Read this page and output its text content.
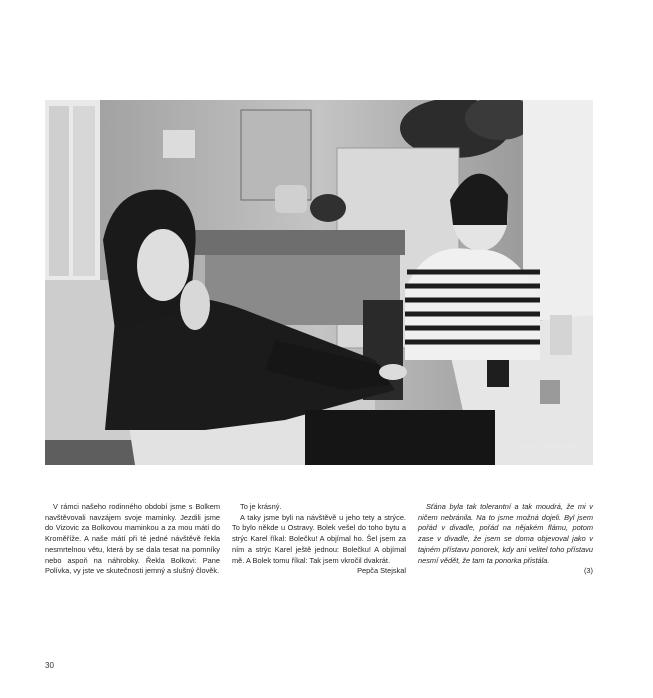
foto: Juraj Bartoš

V rámci našeho rodinného období jsme s Bolkem navštěvovali navzájem svoje maminky. Jezdili jsme do Vizovic za Bolkovou maminkou a za mou mátí do Kroměříže. A naše mátí při té jedné návštěvě řekla nesmrtelnou větu, která by se dala tesat na pomníky nebo aspoň na náhrobky. Řekla Bolkovi: Pane Polívka, vy jste ve skutečnosti jemný a slušný člověk.

To je krásný.

A taky jsme byli na návštěvě u jeho tety a strýce. To bylo někde u Ostravy. Bolek vešel do toho bytu a strýc Karel říkal: Bolečku! A objímal ho. Šel jsem za ním a strýc Karel ještě jednou: Bolečku! A objímal mě. A Bolek tomu říkal: Tak jsem vkročil dvakrát.

Pepča Stejskal

Sťána byla tak tolerantní a tak moudrá, že mi v ničem nebránila. Na to jsme možná dojeli. Byl jsem pořád v divadle, pořád na nějakém flámu, potom zase v divadle, že jsem se doma objevoval jako v tajném přístavu ponorek, kdy ani velitel toho přístavu nesmí vědět, že tam ta ponorka přistála.

(3)

30
